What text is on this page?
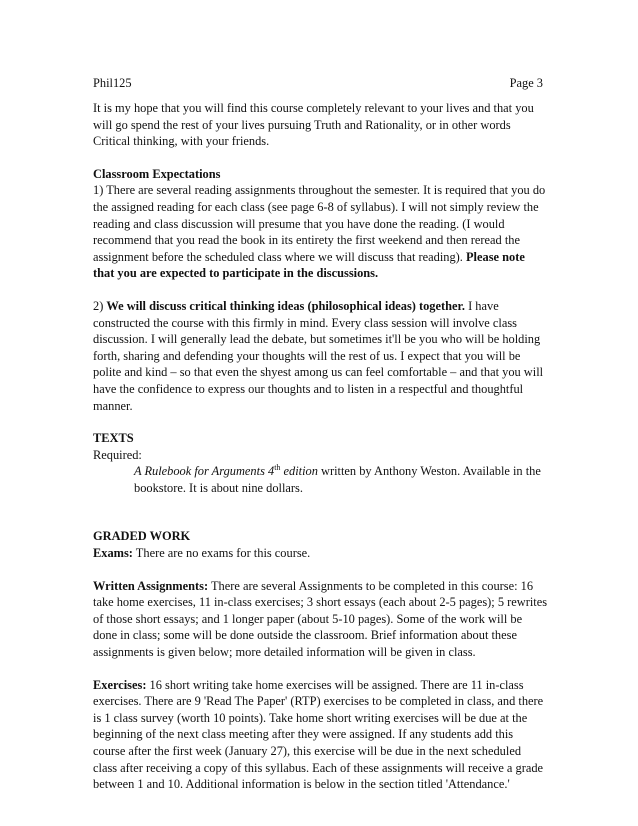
Phil125	Page 3

It is my hope that you will find this course completely relevant to your lives and that you will go spend the rest of your lives pursuing Truth and Rationality, or in other words Critical thinking, with your friends.

Classroom Expectations

1) There are several reading assignments throughout the semester. It is required that you do the assigned reading for each class (see page 6-8 of syllabus). I will not simply review the reading and class discussion will presume that you have done the reading. (I would recommend that you read the book in its entirety the first weekend and then reread the assignment before the scheduled class where we will discuss that reading). Please note that you are expected to participate in the discussions.

2) We will discuss critical thinking ideas (philosophical ideas) together. I have constructed the course with this firmly in mind. Every class session will involve class discussion. I will generally lead the debate, but sometimes it'll be you who will be holding forth, sharing and defending your thoughts will the rest of us. I expect that you will be polite and kind – so that even the shyest among us can feel comfortable – and that you will have the confidence to express our thoughts and to listen in a respectful and thoughtful manner.

TEXTS

Required:

A Rulebook for Arguments 4th edition written by Anthony Weston. Available in the bookstore. It is about nine dollars.

GRADED WORK

Exams: There are no exams for this course.

Written Assignments: There are several Assignments to be completed in this course: 16 take home exercises, 11 in-class exercises; 3 short essays (each about 2-5 pages); 5 rewrites of those short essays; and 1 longer paper (about 5-10 pages). Some of the work will be done in class; some will be done outside the classroom. Brief information about these assignments is given below; more detailed information will be given in class.

Exercises: 16 short writing take home exercises will be assigned. There are 11 in-class exercises. There are 9 'Read The Paper' (RTP) exercises to be completed in class, and there is 1 class survey (worth 10 points). Take home short writing exercises will be due at the beginning of the next class meeting after they were assigned. If any students add this course after the first week (January 27), this exercise will be due in the next scheduled class after receiving a copy of this syllabus. Each of these assignments will receive a grade between 1 and 10. Additional information is below in the section titled 'Attendance.'
